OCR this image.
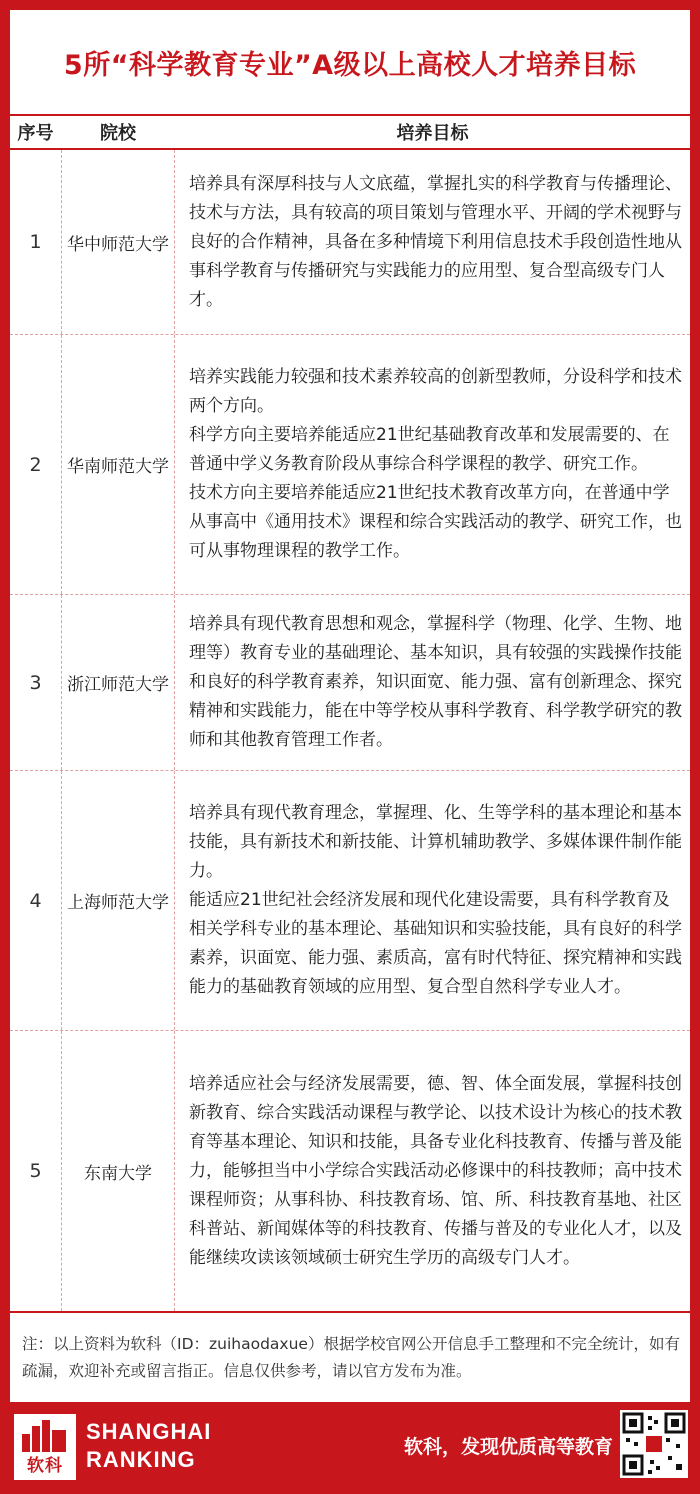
5所“科学教育专业”A级以上高校人才培养目标
序号	院校	培养目标
1	华中师范大学

培养具有深厚科技与人文底蕴，掌握扎实的科学教育与传播理论、技术与方法，具有较高的项目策划与管理水平、开阔的学术视野与良好的合作精神，具备在多种情境下利用信息技术手段创造性地从事科学教育与传播研究与实践能力的应用型、复合型高级专门人才。

2	华南师范大学

培养实践能力较强和技术素养较高的创新型教师，分设科学和技术两个方向。

科学方向主要培养能适应21世纪基础教育改革和发展需要的、在普通中学义务教育阶段从事综合科学课程的教学、研究工作。

技术方向主要培养能适应21世纪技术教育改革方向，在普通中学从事高中《通用技术》课程和综合实践活动的教学、研究工作，也可从事物理课程的教学工作。

3	浙江师范大学

培养具有现代教育思想和观念，掌握科学（物理、化学、生物、地理等）教育专业的基础理论、基本知识，具有较强的实践操作技能和良好的科学教育素养，知识面宽、能力强、富有创新理念、探究精神和实践能力，能在中等学校从事科学教育、科学教学研究的教师和其他教育管理工作者。

4	上海师范大学

培养具有现代教育理念，掌握理、化、生等学科的基本理论和基本技能，具有新技术和新技能、计算机辅助教学、多媒体课件制作能力。

能适应21世纪社会经济发展和现代化建设需要，具有科学教育及相关学科专业的基本理论、基础知识和实验技能，具有良好的科学素养，识面宽、能力强、素质高，富有时代特征、探究精神和实践能力的基础教育领域的应用型、复合型自然科学专业人才。

5	东南大学

培养适应社会与经济发展需要，德、智、体全面发展，掌握科技创新教育、综合实践活动课程与教学论、以技术设计为核心的技术教育等基本理论、知识和技能，具备专业化科技教育、传播与普及能力，能够担当中小学综合实践活动必修课中的科技教师；高中技术课程师资；从事科协、科技教育场、馆、所、科技教育基地、社区科普站、新闻媒体等的科技教育、传播与普及的专业化人才，以及能继续攻读该领域硕士研究生学历的高级专门人才。

注：以上资料为软科（ID：zuihaodaxue）根据学校官网公开信息手工整理和不完全统计，如有疏漏，欢迎补充或留言指正。信息仅供参考，请以官方发布为准。
软科
SHANGHAI
RANKING	软科，发现优质高等教育
